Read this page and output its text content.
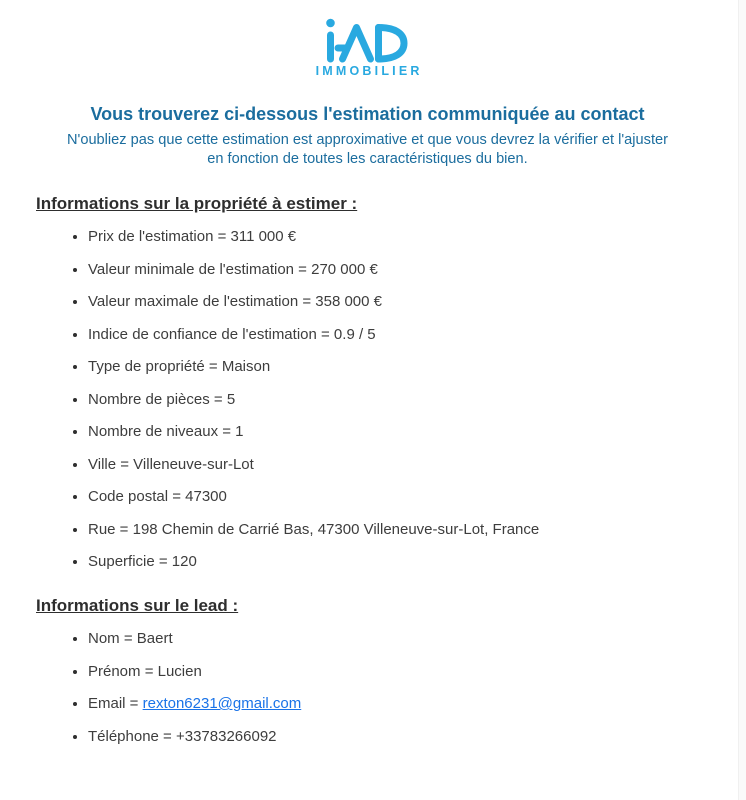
IMMOBILIER
Vous trouverez ci-dessous l'estimation communiquée au contact
N'oubliez pas que cette estimation est approximative et que vous devrez la vérifier et l'ajuster
en fonction de toutes les caractéristiques du bien.
Informations sur la propriété à estimer :
• Prix de l'estimation = 311 000 €
• Valeur minimale de l'estimation = 270 000 €
• Valeur maximale de l'estimation = 358 000 €
• Indice de confiance de l'estimation = 0.9 / 5
• Type de propriété = Maison
• Nombre de pièces = 5
• Nombre de niveaux = 1
• Ville = Villeneuve-sur-Lot
• Code postal = 47300
• Rue = 198 Chemin de Carrié Bas, 47300 Villeneuve-sur-Lot, France
• Superficie = 120
Informations sur le lead :
• Nom = Baert
• Prénom = Lucien
• Email = rexton6231@gmail.com
• Téléphone = +33783266092
